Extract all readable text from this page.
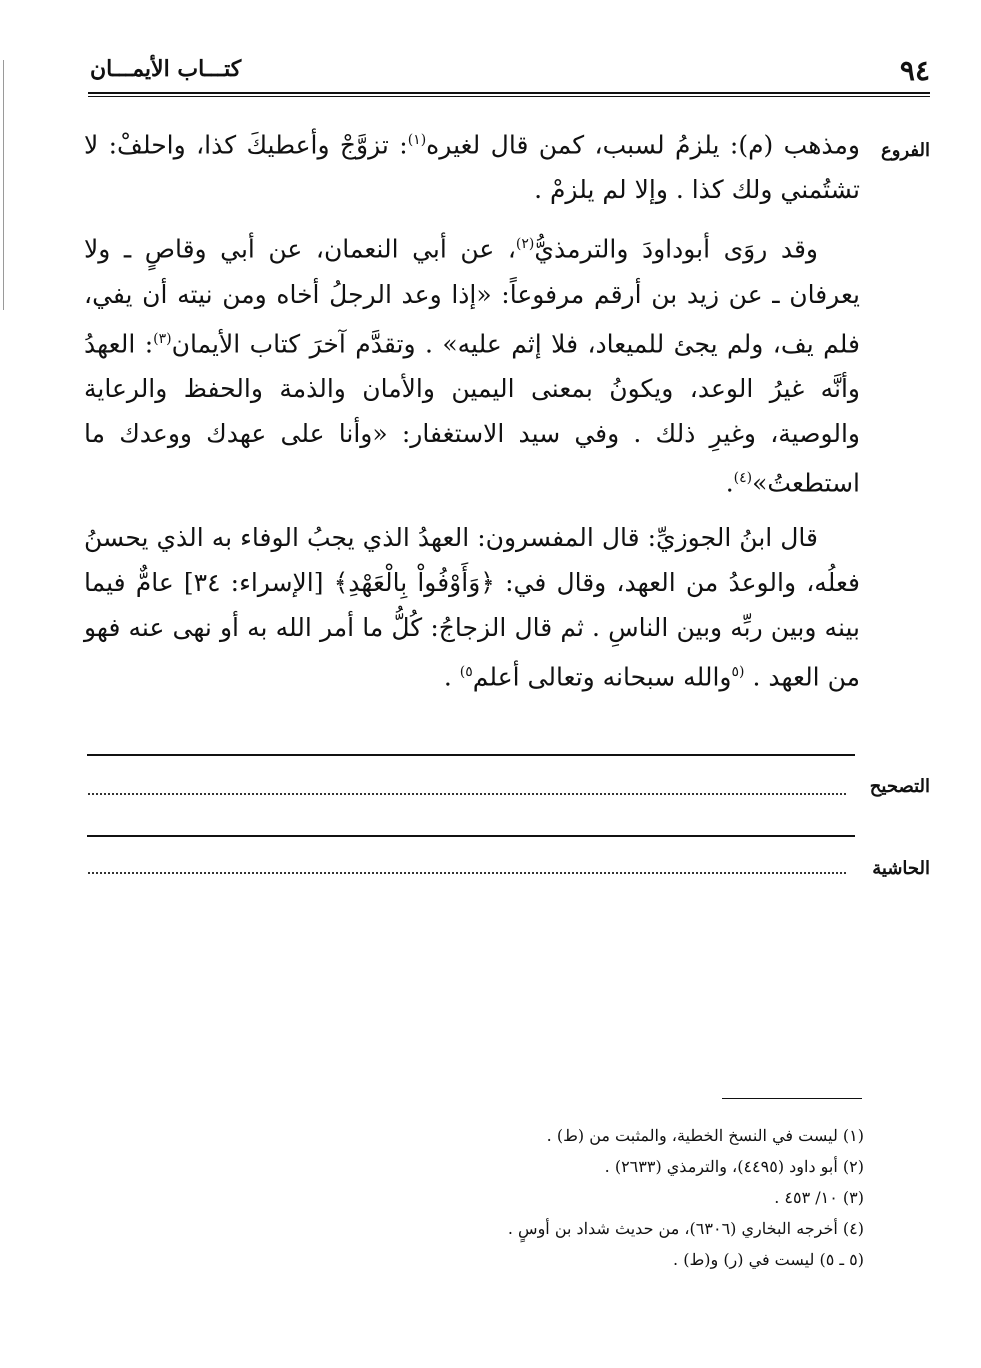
٩٤
كتـــاب الأيمـــان
الفروع

ومذهب (م): يلزمُ لسبب، كمن قال لغيره$^{(١)}$: تزوَّجْ وأعطيكَ كذا، واحلفْ: لا تشتُمني ولك كذا . وإلا لم يلزمْ .

وقد روَى أبوداودَ والترمذيُّ$^{(٢)}$، عن أبي النعمان، عن أبي وقاصٍ ـ ولا يعرفان ـ عن زيد بن أرقم مرفوعاً: «إذا وعد الرجلُ أخاه ومن نيته أن يفي، فلم يف، ولم يجئ للميعاد، فلا إثم عليه» . وتقدَّم آخرَ كتاب الأيمان$^{(٣)}$: العهدُ وأنَّه غيرُ الوعد، ويكونُ بمعنى اليمين والأمان والذمة والحفظ والرعاية والوصية، وغيرِ ذلك . وفي سيد الاستغفار: «وأنا على عهدك ووعدك ما استطعتُ»$^{(٤)}$.

قال ابنُ الجوزيِّ: قال المفسرون: العهدُ الذي يجبُ الوفاء به الذي يحسنُ فعلُه، والوعدُ من العهد، وقال في: ﴿وَأَوْفُواْ بِالْعَهْدِ﴾ [الإسراء: ٣٤] عامٌّ فيما بينه وبين ربِّه وبين الناسِ . ثم قال الزجاجُ: كُلُّ ما أمر الله به أو نهى عنه فهو من العهد . $^{(٥}$والله سبحانه وتعالى أعلم$^{٥)}$ .

التصحيح
الحاشية
(١) ليست في النسخ الخطية، والمثبت من (ط) .
(٢) أبو داود (٤٤٩٥)، والترمذي (٢٦٣٣) .
(٣) ١٠/ ٤٥٣ .
(٤) أخرجه البخاري (٦٣٠٦)، من حديث شداد بن أوسٍ .
(٥ ـ ٥) ليست في (ر) و(ط) .
